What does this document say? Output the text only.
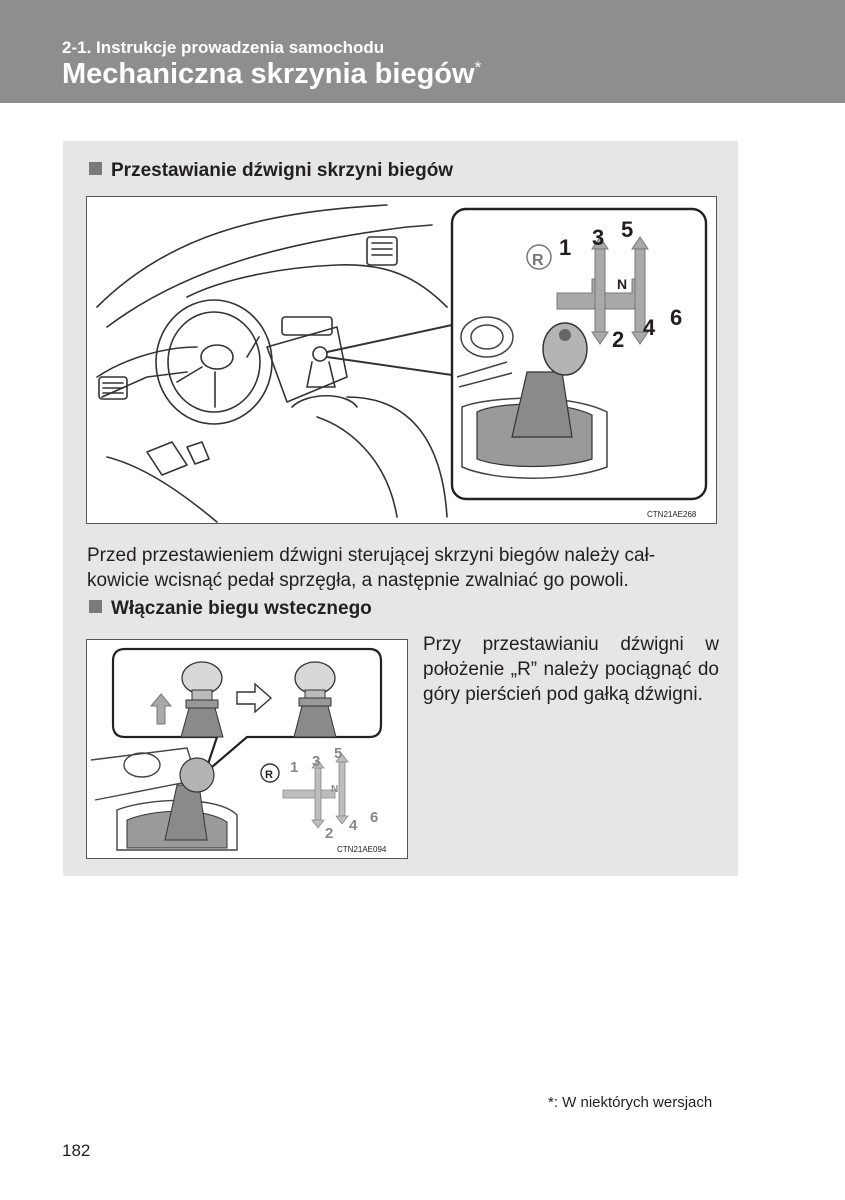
2-1. Instrukcje prowadzenia samochodu
Mechaniczna skrzynia biegów*
Przestawianie dźwigni skrzyni biegów
R
1 3 5
N
2 4 6
CTN21AE268
Przed przestawieniem dźwigni sterującej skrzyni biegów należy cał-
kowicie wcisnąć pedał sprzęgła, a następnie zwalniać go powoli.
Włączanie biegu wstecznego
R 1 3 5
N
2 4 6
CTN21AE094
Przy przestawianiu dźwigni w położenie „R” należy pociągnąć do góry pierścień pod gałką dźwigni.
*: W niektórych wersjach
182
